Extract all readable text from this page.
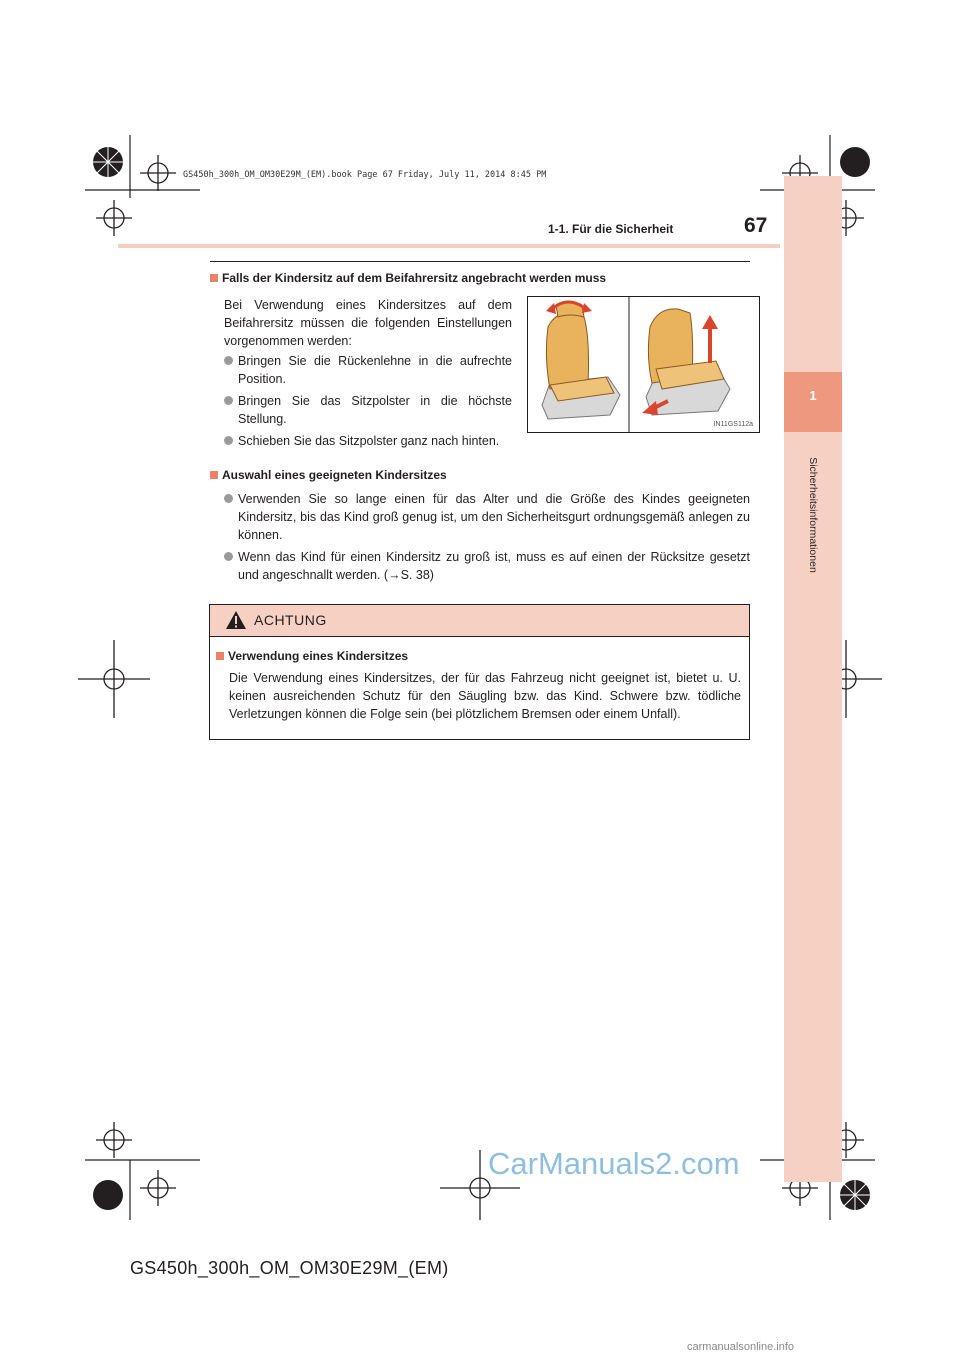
1
Sicherheitsinformationen
GS450h_300h_OM_OM30E29M_(EM).book Page 67 Friday, July 11, 2014 8:45 PM
1-1. Für die Sicherheit	67
Falls der Kindersitz auf dem Beifahrersitz angebracht werden muss
Bei Verwendung eines Kindersitzes auf dem Beifahrersitz müssen die folgenden Einstellungen vorgenommen werden:
Bringen Sie die Rückenlehne in die aufrechte Position.
Bringen Sie das Sitzpolster in die höchste Stellung.
Schieben Sie das Sitzpolster ganz nach hinten.
IN11GS112a
Auswahl eines geeigneten Kindersitzes
Verwenden Sie so lange einen für das Alter und die Größe des Kindes geeigneten Kindersitz, bis das Kind groß genug ist, um den Sicherheitsgurt ordnungsgemäß anlegen zu können.
Wenn das Kind für einen Kindersitz zu groß ist, muss es auf einen der Rücksitze gesetzt und angeschnallt werden. (→S. 38)
ACHTUNG
Verwendung eines Kindersitzes
Die Verwendung eines Kindersitzes, der für das Fahrzeug nicht geeignet ist, bietet u. U. keinen ausreichenden Schutz für den Säugling bzw. das Kind. Schwere bzw. tödliche Verletzungen können die Folge sein (bei plötzlichem Bremsen oder einem Unfall).
CarManuals2.com
GS450h_300h_OM_OM30E29M_(EM)
carmanualsonline.info
